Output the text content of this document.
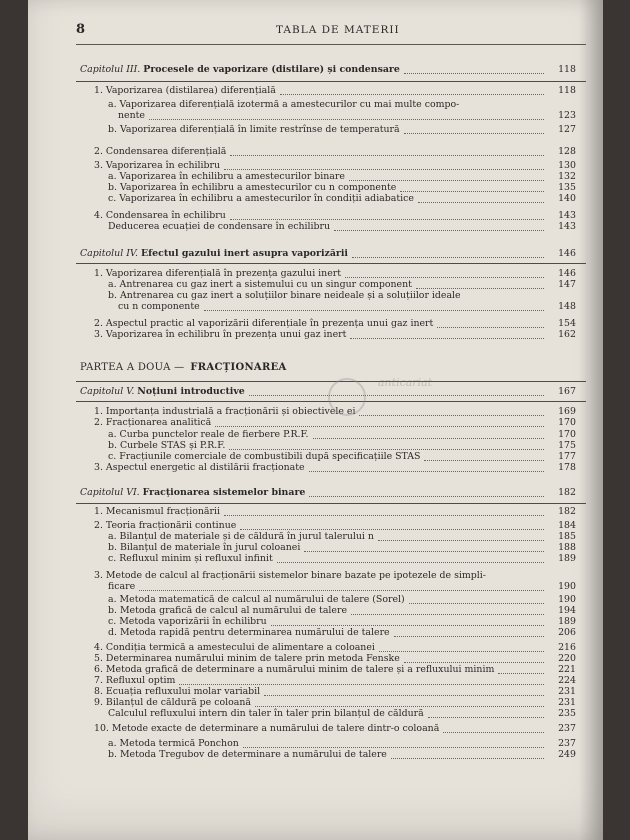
8	TABLA DE MATERII
Capitolul III. Procesele de vaporizare (distilare) și condensare	118
1. Vaporizarea (distilarea) diferențială	118
a. Vaporizarea diferențială izotermă a amestecurilor cu mai multe compo-
nente	123
b. Vaporizarea diferențială în limite restrînse de temperatură	127
2. Condensarea diferențială	128
3. Vaporizarea în echilibru	130
a. Vaporizarea în echilibru a amestecurilor binare	132
b. Vaporizarea în echilibru a amestecurilor cu n componente	135
c. Vaporizarea în echilibru a amestecurilor în condiții adiabatice	140
4. Condensarea în echilibru	143
Deducerea ecuației de condensare în echilibru	143
Capitolul IV. Efectul gazului inert asupra vaporizării	146
1. Vaporizarea diferențială în prezența gazului inert	146
a. Antrenarea cu gaz inert a sistemului cu un singur component	147
b. Antrenarea cu gaz inert a soluțiilor binare neideale și a soluțiilor ideale
cu n componente	148
2. Aspectul practic al vaporizării diferențiale în prezența unui gaz inert	154
3. Vaporizarea în echilibru în prezența unui gaz inert	162
PARTEA A DOUA — FRACȚIONAREA
Capitolul V. Noțiuni introductive	167
1. Importanța industrială a fracționării și obiectivele ei	169
2. Fracționarea analitică	170
a. Curba punctelor reale de fierbere P.R.F.	170
b. Curbele STAS și P.R.F.	175
c. Fracțiunile comerciale de combustibili după specificațiile STAS	177
3. Aspectul energetic al distilării fracționate	178
Capitolul VI. Fracționarea sistemelor binare	182
1. Mecanismul fracționării	182
2. Teoria fracționării continue	184
a. Bilanțul de materiale și de căldură în jurul talerului n	185
b. Bilanțul de materiale în jurul coloanei	188
c. Refluxul minim și refluxul infinit	189
3. Metode de calcul al fracționării sistemelor binare bazate pe ipotezele de simpli-
ficare	190
a. Metoda matematică de calcul al numărului de talere (Sorel)	190
b. Metoda grafică de calcul al numărului de talere	194
c. Metoda vaporizării în echilibru	189
d. Metoda rapidă pentru determinarea numărului de talere	206
4. Condiția termică a amestecului de alimentare a coloanei	216
5. Determinarea numărului minim de talere prin metoda Fenske	220
6. Metoda grafică de determinare a numărului minim de talere și a refluxului minim	221
7. Refluxul optim	224
8. Ecuația refluxului molar variabil	231
9. Bilanțul de căldură pe coloană	231
Calculul refluxului intern din taler în taler prin bilanțul de căldură	235
10. Metode exacte de determinare a numărului de talere dintr-o coloană	237
a. Metoda termică Ponchon	237
b. Metoda Tregubov de determinare a numărului de talere	249
anticariat
